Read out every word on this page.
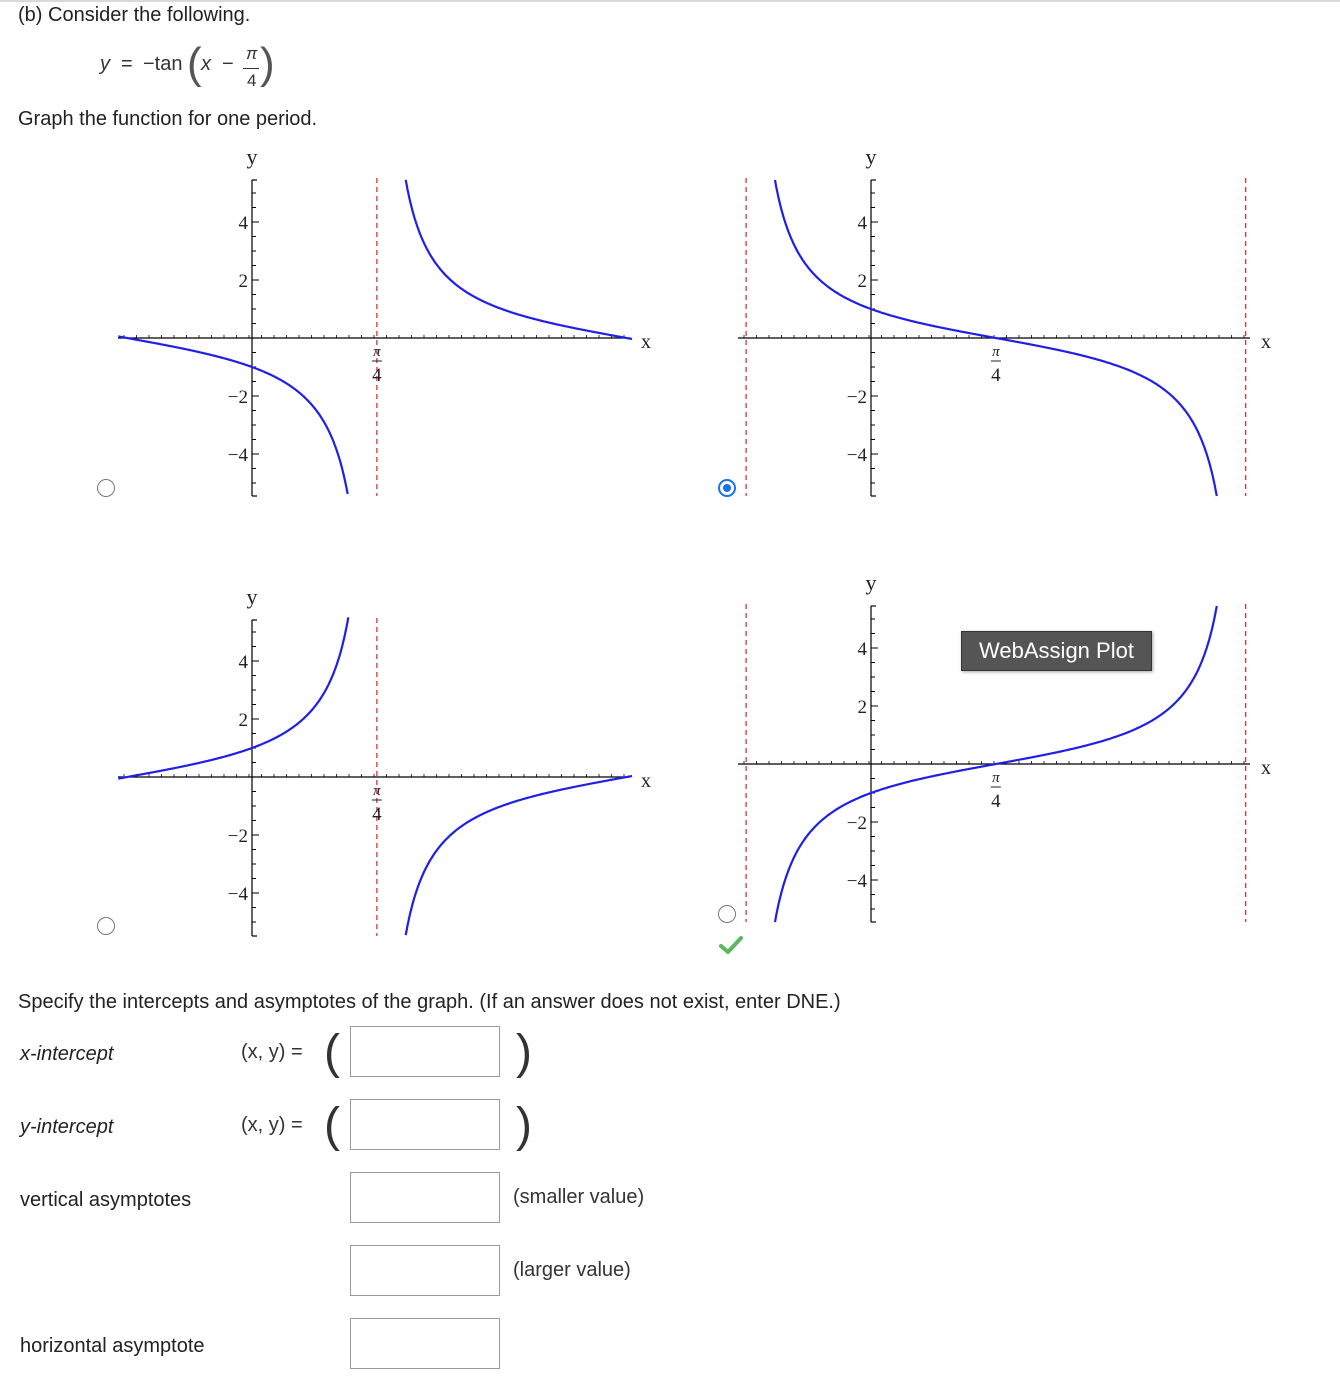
(b) Consider the following.
y = −tan ( x − π
4 )
Graph the function for one period.
4
2
−2
−4
π
4
x
y
4
2
−2
−4
π
4
x
y
4
2
−2
−4
π
4
x
y
4
2
−2
−4
π
4
x
y
WebAssign Plot
Specify the intercepts and asymptotes of the graph. (If an answer does not exist, enter DNE.)
x-intercept	(x, y) = (	)
y-intercept	(x, y) = (	)
vertical asymptotes	(smaller value)
(larger value)
horizontal asymptote
